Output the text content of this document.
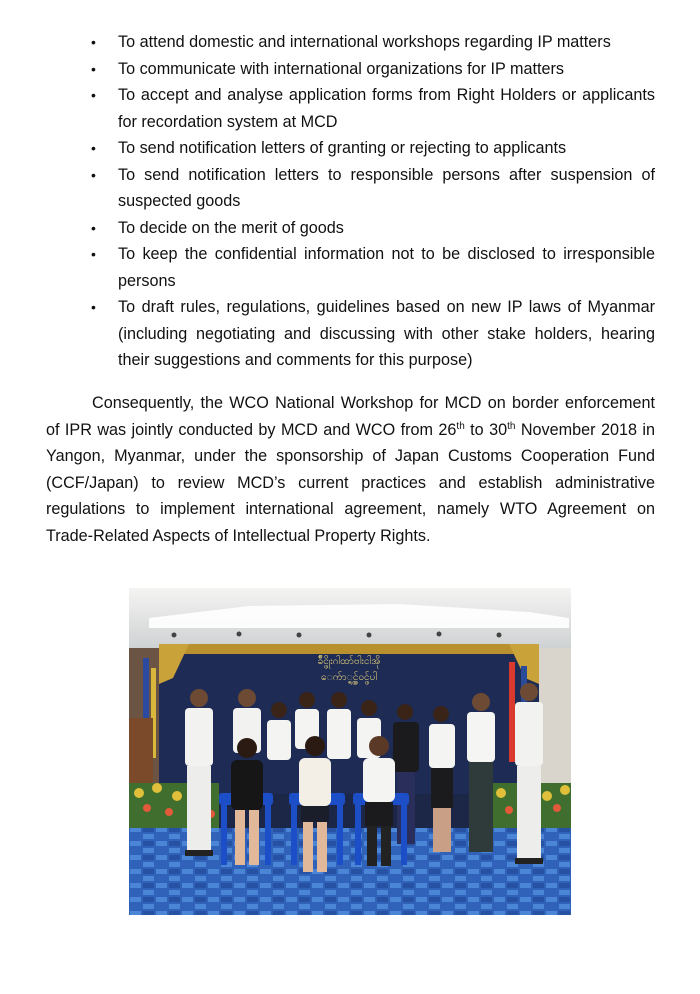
• To attend domestic and international workshops regarding IP matters
• To communicate with international organizations for IP matters
• To accept and analyse application forms from Right Holders or applicants for recordation system at MCD
• To send notification letters of granting or rejecting to applicants
• To send notification letters to responsible persons after suspension of suspected goods
• To decide on the merit of goods
• To keep the confidential information not to be disclosed to irresponsible persons
• To draft rules, regulations, guidelines based on new IP laws of Myanmar (including negotiating and discussing with other stake holders, hearing their suggestions and comments for this purpose)

Consequently, the WCO National Workshop for MCD on border enforcement of IPR was jointly conducted by MCD and WCO from 26th to 30th November 2018 in Yangon, Myanmar, under the sponsorship of Japan Customs Cooperation Fund (CCF/Japan) to review MCD’s current practices and establish administrative regulations to implement international agreement, namely WTO Agreement on Trade-Related Aspects of Intellectual Property Rights.

ခ်ိဳင္ဖိုးဂါထာ်ဗါးငါအို
ေက်ာ္ရွင္ဖ်ဝင္ဖ်ပါ
